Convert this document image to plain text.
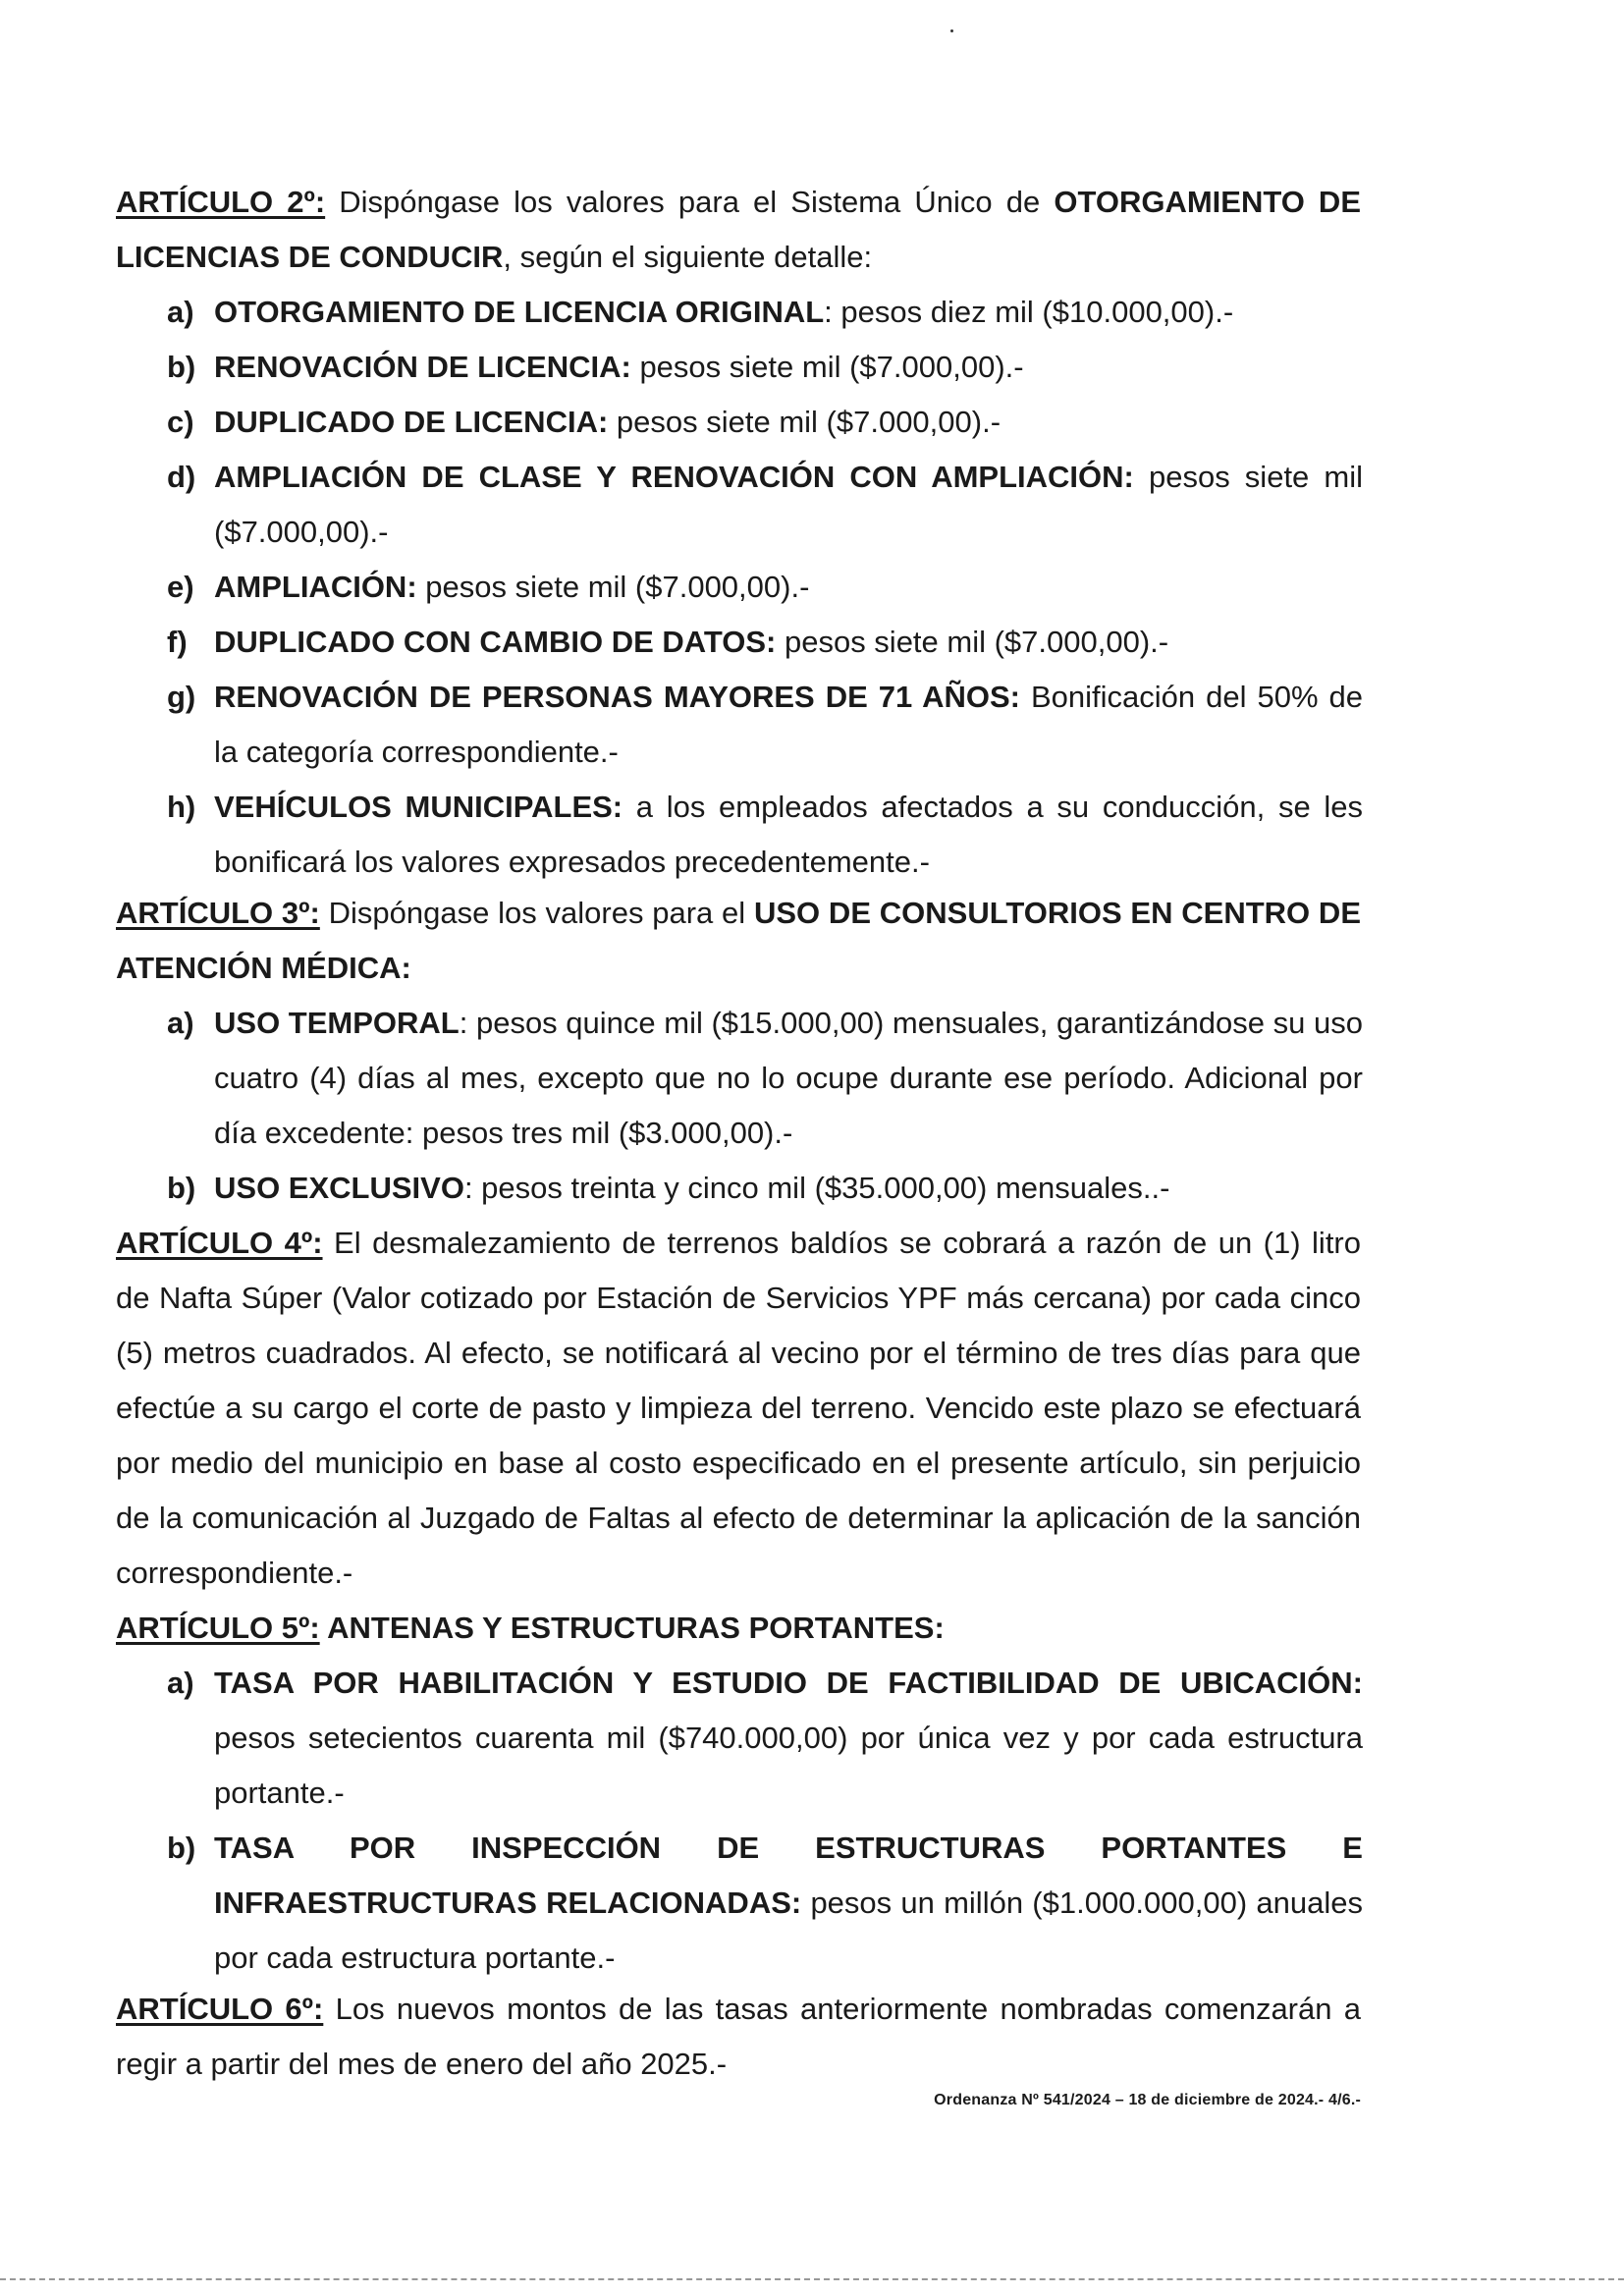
ARTÍCULO 2º: Dispóngase los valores para el Sistema Único de OTORGAMIENTO DE LICENCIAS DE CONDUCIR, según el siguiente detalle:
a) OTORGAMIENTO DE LICENCIA ORIGINAL: pesos diez mil ($10.000,00).-
b) RENOVACIÓN DE LICENCIA: pesos siete mil ($7.000,00).-
c) DUPLICADO DE LICENCIA: pesos siete mil ($7.000,00).-
d) AMPLIACIÓN DE CLASE Y RENOVACIÓN CON AMPLIACIÓN: pesos siete mil ($7.000,00).-
e) AMPLIACIÓN: pesos siete mil ($7.000,00).-
f) DUPLICADO CON CAMBIO DE DATOS: pesos siete mil ($7.000,00).-
g) RENOVACIÓN DE PERSONAS MAYORES DE 71 AÑOS: Bonificación del 50% de la categoría correspondiente.-
h) VEHÍCULOS MUNICIPALES: a los empleados afectados a su conducción, se les bonificará los valores expresados precedentemente.-
ARTÍCULO 3º: Dispóngase los valores para el USO DE CONSULTORIOS EN CENTRO DE ATENCIÓN MÉDICA:
a) USO TEMPORAL: pesos quince mil ($15.000,00) mensuales, garantizándose su uso cuatro (4) días al mes, excepto que no lo ocupe durante ese período. Adicional por día excedente: pesos tres mil ($3.000,00).-
b) USO EXCLUSIVO: pesos treinta y cinco mil ($35.000,00) mensuales..-
ARTÍCULO 4º: El desmalezamiento de terrenos baldíos se cobrará a razón de un (1) litro de Nafta Súper (Valor cotizado por Estación de Servicios YPF más cercana) por cada cinco (5) metros cuadrados. Al efecto, se notificará al vecino por el término de tres días para que efectúe a su cargo el corte de pasto y limpieza del terreno. Vencido este plazo se efectuará por medio del municipio en base al costo especificado en el presente artículo, sin perjuicio de la comunicación al Juzgado de Faltas al efecto de determinar la aplicación de la sanción correspondiente.-
ARTÍCULO 5º: ANTENAS Y ESTRUCTURAS PORTANTES:
a) TASA POR HABILITACIÓN Y ESTUDIO DE FACTIBILIDAD DE UBICACIÓN: pesos setecientos cuarenta mil ($740.000,00) por única vez y por cada estructura portante.-
b) TASA POR INSPECCIÓN DE ESTRUCTURAS PORTANTES E INFRAESTRUCTURAS RELACIONADAS: pesos un millón ($1.000.000,00) anuales por cada estructura portante.-
ARTÍCULO 6º: Los nuevos montos de las tasas anteriormente nombradas comenzarán a regir a partir del mes de enero del año 2025.-
Ordenanza Nº 541/2024 – 18 de diciembre de 2024.- 4/6.-
